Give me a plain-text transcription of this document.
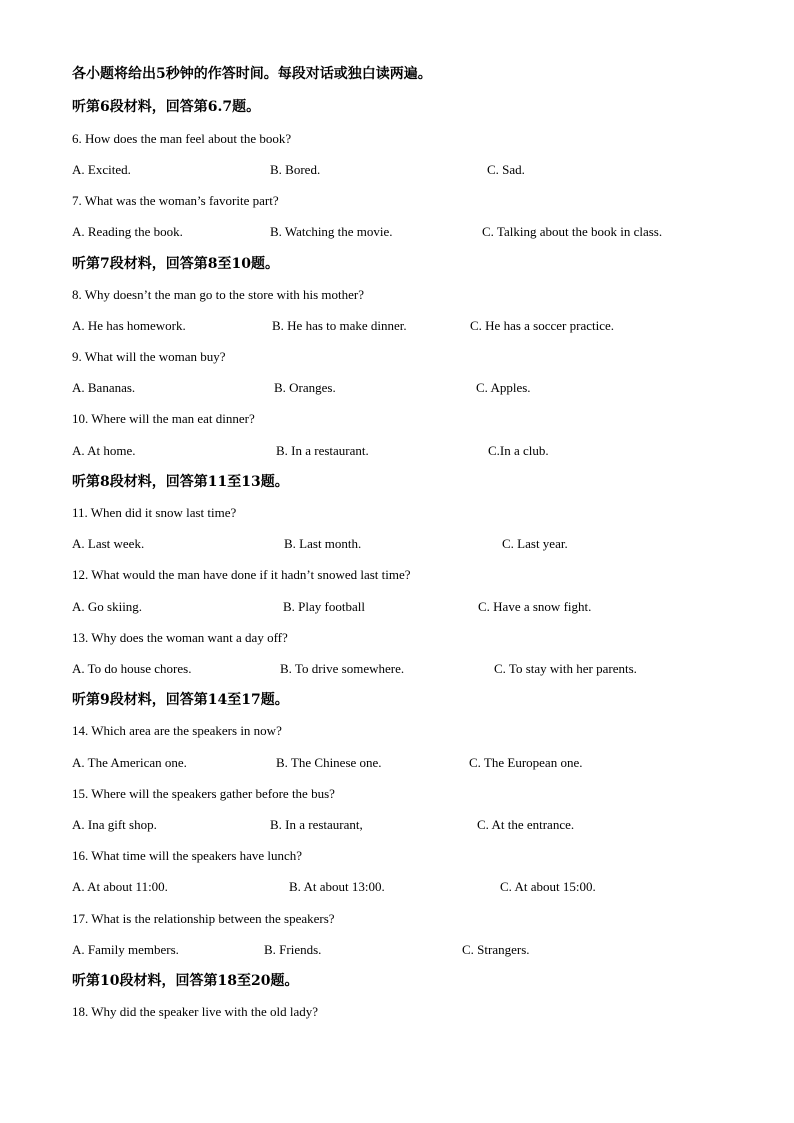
各小题将给出5秒钟的作答时间。每段对话或独白读两遍。
听第6段材料，回答第6.7题。
6. How does the man feel about the book?
A. Excited.	B. Bored.	C. Sad.
7. What was the woman’s favorite part?
A. Reading the book.	B. Watching the movie.	C. Talking about the book in class.
听第7段材料，回答第8至10题。
8. Why doesn’t the man go to the store with his mother?
A. He has homework.	B. He has to make dinner.	C. He has a soccer practice.
9. What will the woman buy?
A. Bananas.	B. Oranges.	C. Apples.
10. Where will the man eat dinner?
A. At home.	B. In a restaurant.	C.In a club.
听第8段材料，回答第11至13题。
11. When did it snow last time?
A. Last week.	B. Last month.	C. Last year.
12. What would the man have done if it hadn’t snowed last time?
A. Go skiing.	B. Play football	C. Have a snow fight.
13. Why does the woman want a day off?
A. To do house chores.	B. To drive somewhere.	C. To stay with her parents.
听第9段材料，回答第14至17题。
14. Which area are the speakers in now?
A. The American one.	B. The Chinese one.	C. The European one.
15. Where will the speakers gather before the bus?
A. Ina gift shop.	B. In a restaurant,	C. At the entrance.
16. What time will the speakers have lunch?
A. At about 11:00.	B. At about 13:00.	C. At about 15:00.
17. What is the relationship between the speakers?
A. Family members.	B. Friends.	C. Strangers.
听第10段材料，回答第18至20题。
18. Why did the speaker live with the old lady?
